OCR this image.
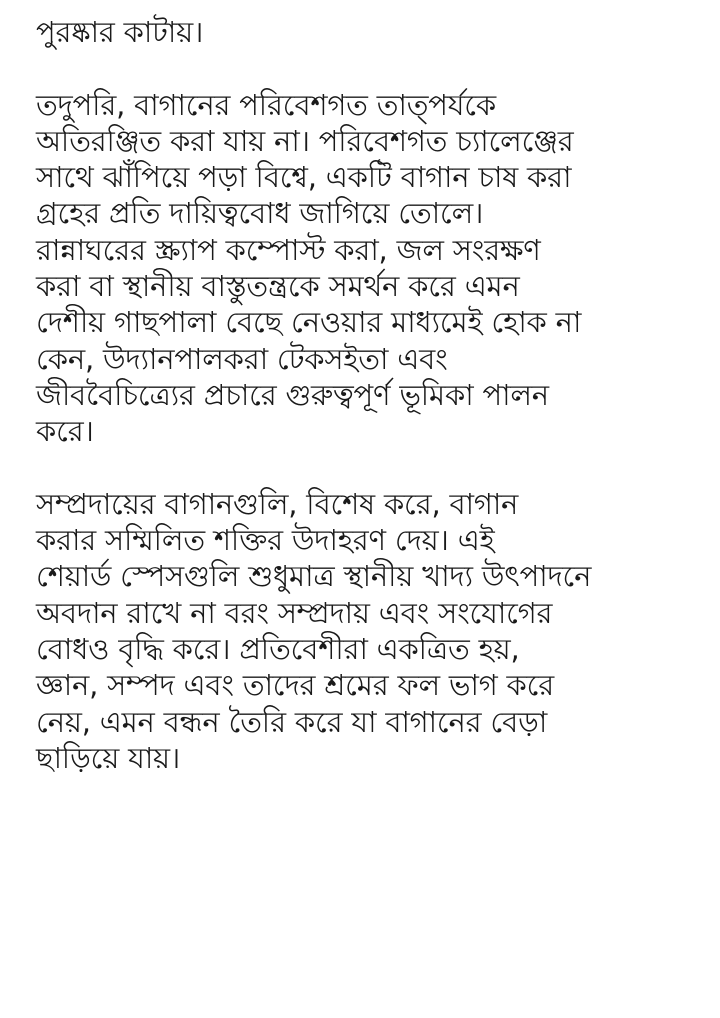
পুরষ্কার কাটায়।
তদুপরি, বাগানের পরিবেশগত তাত্পর্যকে
অতিরঞ্জিত করা যায় না। পরিবেশগত চ্যালেঞ্জের
সাথে ঝাঁপিয়ে পড়া বিশ্বে, একটি বাগান চাষ করা
গ্রহের প্রতি দায়িত্ববোধ জাগিয়ে তোলে।
রান্নাঘরের স্ক্র্যাপ কম্পোস্ট করা, জল সংরক্ষণ
করা বা স্থানীয় বাস্তুতন্ত্রকে সমর্থন করে এমন
দেশীয় গাছপালা বেছে নেওয়ার মাধ্যমেই হোক না
কেন, উদ্যানপালকরা টেকসইতা এবং
জীববৈচিত্র্যের প্রচারে গুরুত্বপূর্ণ ভূমিকা পালন
করে।
সম্প্রদায়ের বাগানগুলি, বিশেষ করে, বাগান
করার সম্মিলিত শক্তির উদাহরণ দেয়। এই
শেয়ার্ড স্পেসগুলি শুধুমাত্র স্থানীয় খাদ্য উৎপাদনে
অবদান রাখে না বরং সম্প্রদায় এবং সংযোগের
বোধও বৃদ্ধি করে। প্রতিবেশীরা একত্রিত হয়,
জ্ঞান, সম্পদ এবং তাদের শ্রমের ফল ভাগ করে
নেয়, এমন বন্ধন তৈরি করে যা বাগানের বেড়া
ছাড়িয়ে যায়।
